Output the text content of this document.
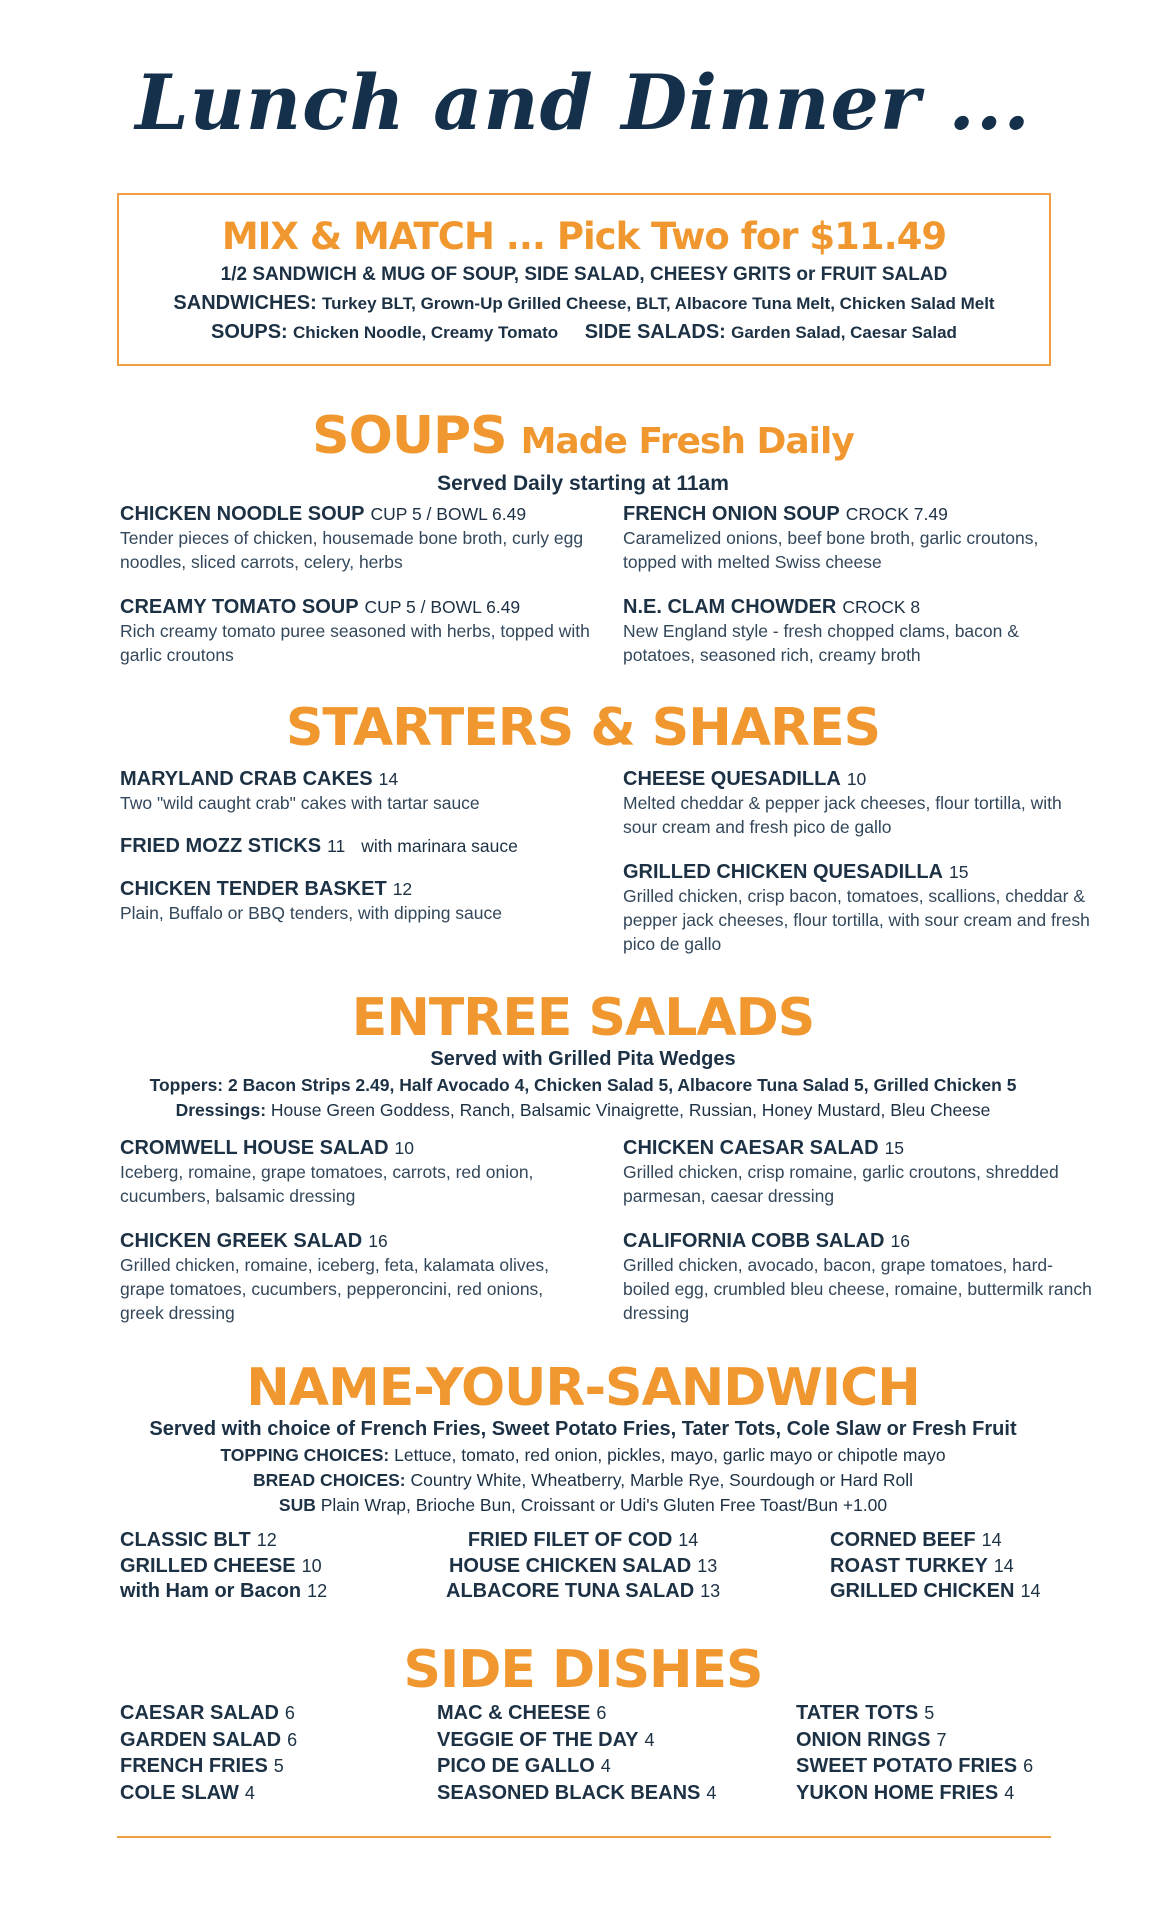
Lunch and Dinner ...
MIX & MATCH ... Pick Two for $11.49
1/2 SANDWICH & MUG OF SOUP, SIDE SALAD, CHEESY GRITS or FRUIT SALAD
SANDWICHES: Turkey BLT, Grown-Up Grilled Cheese, BLT, Albacore Tuna Melt, Chicken Salad Melt
SOUPS: Chicken Noodle, Creamy Tomato SIDE SALADS: Garden Salad, Caesar Salad
SOUPS Made Fresh Daily
Served Daily starting at 11am
CHICKEN NOODLE SOUP CUP 5 / BOWL 6.49
Tender pieces of chicken, housemade bone broth, curly egg noodles, sliced carrots, celery, herbs
CREAMY TOMATO SOUP CUP 5 / BOWL 6.49
Rich creamy tomato puree seasoned with herbs, topped with garlic croutons
FRENCH ONION SOUP CROCK 7.49
Caramelized onions, beef bone broth, garlic croutons, topped with melted Swiss cheese
N.E. CLAM CHOWDER CROCK 8
New England style - fresh chopped clams, bacon & potatoes, seasoned rich, creamy broth
STARTERS & SHARES
MARYLAND CRAB CAKES 14
Two "wild caught crab" cakes with tartar sauce
FRIED MOZZ STICKS 11 with marinara sauce
CHICKEN TENDER BASKET 12
Plain, Buffalo or BBQ tenders, with dipping sauce
CHEESE QUESADILLA 10
Melted cheddar & pepper jack cheeses, flour tortilla, with sour cream and fresh pico de gallo
GRILLED CHICKEN QUESADILLA 15
Grilled chicken, crisp bacon, tomatoes, scallions, cheddar & pepper jack cheeses, flour tortilla, with sour cream and fresh pico de gallo
ENTREE SALADS
Served with Grilled Pita Wedges
Toppers: 2 Bacon Strips 2.49, Half Avocado 4, Chicken Salad 5, Albacore Tuna Salad 5, Grilled Chicken 5
Dressings: House Green Goddess, Ranch, Balsamic Vinaigrette, Russian, Honey Mustard, Bleu Cheese
CROMWELL HOUSE SALAD 10
Iceberg, romaine, grape tomatoes, carrots, red onion, cucumbers, balsamic dressing
CHICKEN GREEK SALAD 16
Grilled chicken, romaine, iceberg, feta, kalamata olives, grape tomatoes, cucumbers, pepperoncini, red onions, greek dressing
CHICKEN CAESAR SALAD 15
Grilled chicken, crisp romaine, garlic croutons, shredded parmesan, caesar dressing
CALIFORNIA COBB SALAD 16
Grilled chicken, avocado, bacon, grape tomatoes, hard-boiled egg, crumbled bleu cheese, romaine, buttermilk ranch dressing
NAME-YOUR-SANDWICH
Served with choice of French Fries, Sweet Potato Fries, Tater Tots, Cole Slaw or Fresh Fruit
TOPPING CHOICES: Lettuce, tomato, red onion, pickles, mayo, garlic mayo or chipotle mayo
BREAD CHOICES: Country White, Wheatberry, Marble Rye, Sourdough or Hard Roll
SUB Plain Wrap, Brioche Bun, Croissant or Udi's Gluten Free Toast/Bun +1.00
CLASSIC BLT 12
GRILLED CHEESE 10
with Ham or Bacon 12
FRIED FILET OF COD 14
HOUSE CHICKEN SALAD 13
ALBACORE TUNA SALAD 13
CORNED BEEF 14
ROAST TURKEY 14
GRILLED CHICKEN 14
SIDE DISHES
CAESAR SALAD 6
GARDEN SALAD 6
FRENCH FRIES 5
COLE SLAW 4
MAC & CHEESE 6
VEGGIE OF THE DAY 4
PICO DE GALLO 4
SEASONED BLACK BEANS 4
TATER TOTS 5
ONION RINGS 7
SWEET POTATO FRIES 6
YUKON HOME FRIES 4
